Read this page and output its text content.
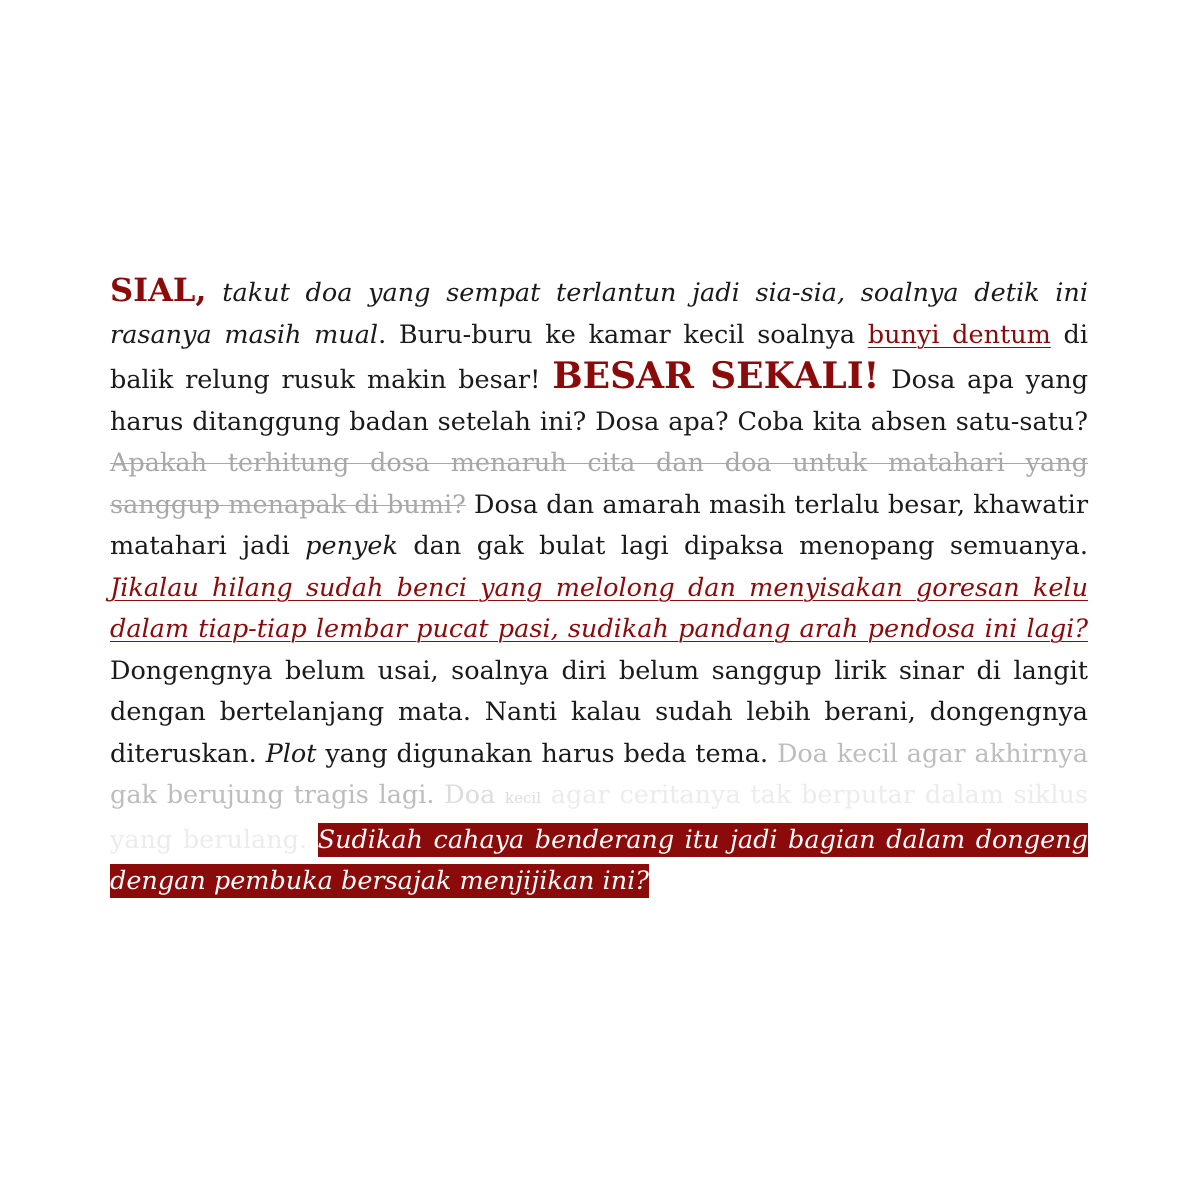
SIAL, takut doa yang sempat terlantun jadi sia-sia, soalnya detik ini rasanya masih mual. Buru-buru ke kamar kecil soalnya bunyi dentum di balik relung rusuk makin besar! BESAR SEKALI! Dosa apa yang harus ditanggung badan setelah ini? Dosa apa? Coba kita absen satu-satu? Apakah terhitung dosa menaruh cita dan doa untuk matahari yang sanggup menapak di bumi? Dosa dan amarah masih terlalu besar, khawatir matahari jadi penyek dan gak bulat lagi dipaksa menopang semuanya. Jikalau hilang sudah benci yang melolong dan menyisakan goresan kelu dalam tiap-tiap lembar pucat pasi, sudikah pandang arah pendosa ini lagi? Dongengnya belum usai, soalnya diri belum sanggup lirik sinar di langit dengan bertelanjang mata. Nanti kalau sudah lebih berani, dongengnya diteruskan. Plot yang digunakan harus beda tema. Doa kecil agar akhirnya gak berujung tragis lagi. Doa kecil agar ceritanya tak berputar dalam siklus yang berulang. Sudikah cahaya benderang itu jadi bagian dalam dongeng dengan pembuka bersajak menjijikan ini?
